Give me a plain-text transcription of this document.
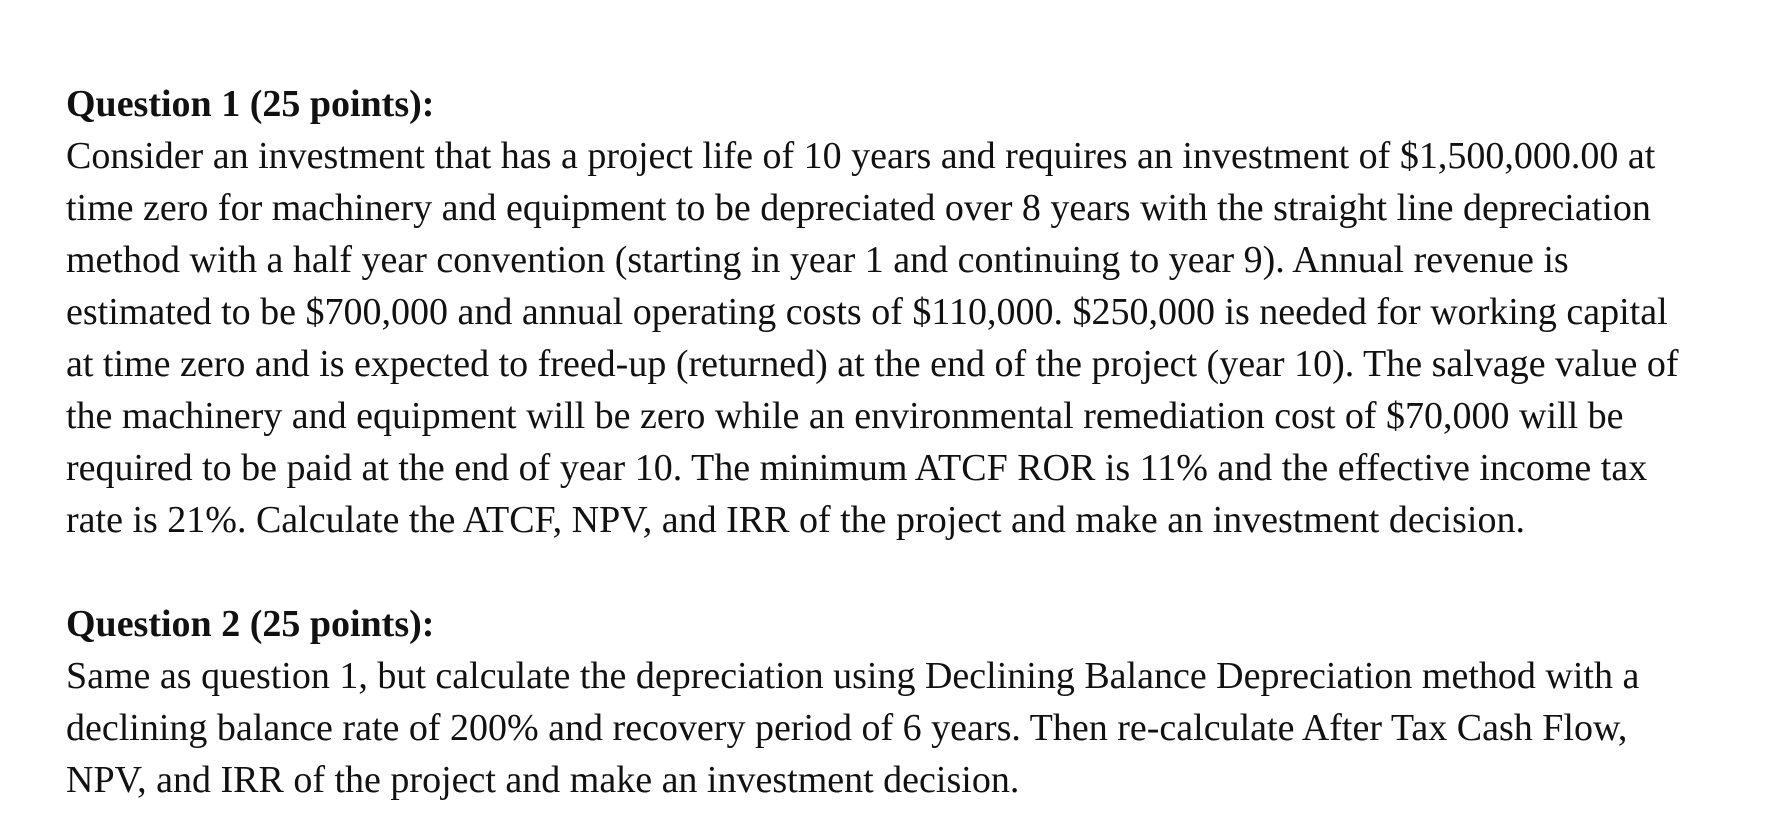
Question 1 (25 points):

Consider an investment that has a project life of 10 years and requires an investment of $1,500,000.00 at

time zero for machinery and equipment to be depreciated over 8 years with the straight line depreciation

method with a half year convention (starting in year 1 and continuing to year 9). Annual revenue is

estimated to be $700,000 and annual operating costs of $110,000. $250,000 is needed for working capital

at time zero and is expected to freed-up (returned) at the end of the project (year 10). The salvage value of

the machinery and equipment will be zero while an environmental remediation cost of $70,000 will be

required to be paid at the end of year 10. The minimum ATCF ROR is 11% and the effective income tax

rate is 21%. Calculate the ATCF, NPV, and IRR of the project and make an investment decision.

Question 2 (25 points):

Same as question 1, but calculate the depreciation using Declining Balance Depreciation method with a

declining balance rate of 200% and recovery period of 6 years. Then re-calculate After Tax Cash Flow,

NPV, and IRR of the project and make an investment decision.
